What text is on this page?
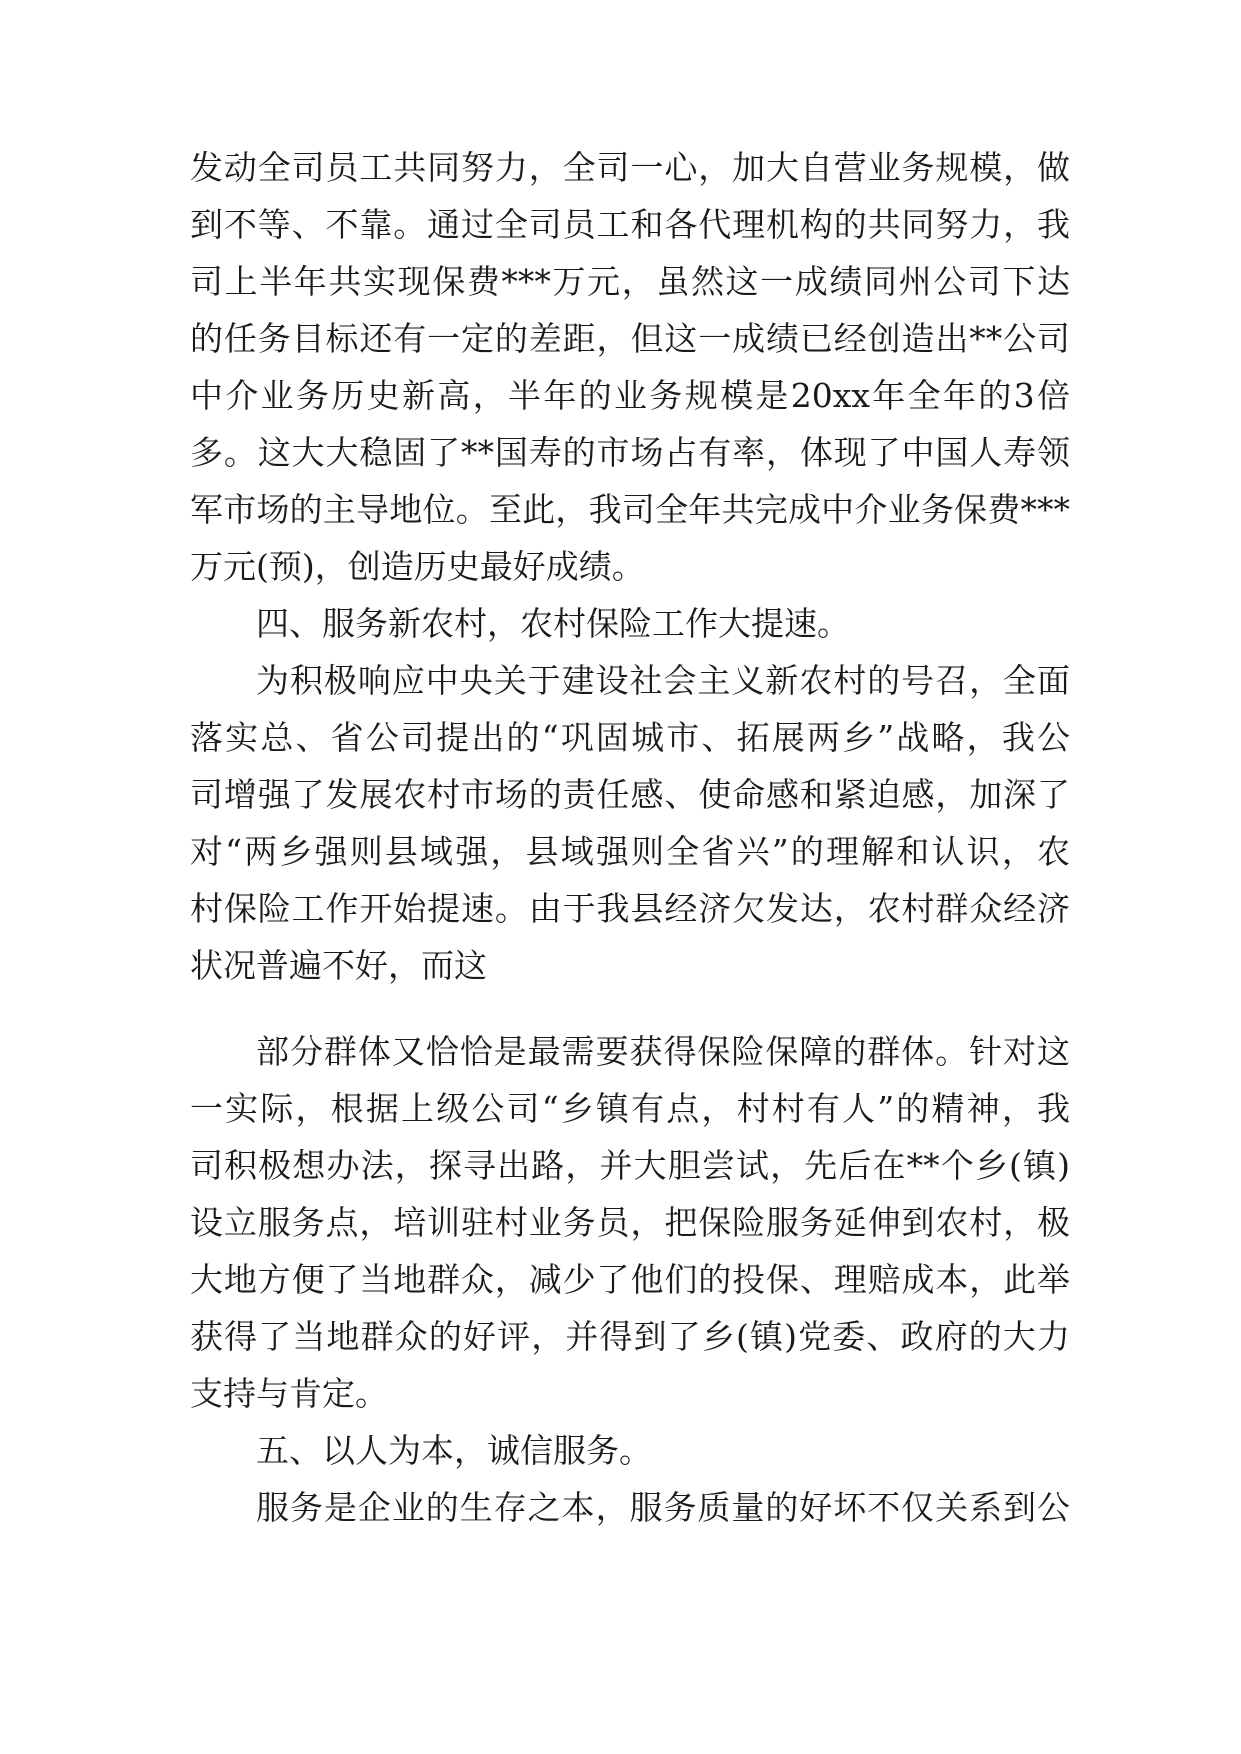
发动全司员工共同努力，全司一心，加大自营业务规模，做
到不等、不靠。通过全司员工和各代理机构的共同努力，我
司上半年共实现保费***万元，虽然这一成绩同州公司下达
的任务目标还有一定的差距，但这一成绩已经创造出**公司
中介业务历史新高，半年的业务规模是20xx年全年的3倍
多。这大大稳固了**国寿的市场占有率，体现了中国人寿领
军市场的主导地位。至此，我司全年共完成中介业务保费***
万元(预)，创造历史最好成绩。
四、服务新农村，农村保险工作大提速。
为积极响应中央关于建设社会主义新农村的号召，全面
落实总、省公司提出的“巩固城市、拓展两乡”战略，我公
司增强了发展农村市场的责任感、使命感和紧迫感，加深了
对“两乡强则县域强，县域强则全省兴”的理解和认识，农
村保险工作开始提速。由于我县经济欠发达，农村群众经济
状况普遍不好，而这
部分群体又恰恰是最需要获得保险保障的群体。针对这
一实际，根据上级公司“乡镇有点，村村有人”的精神，我
司积极想办法，探寻出路，并大胆尝试，先后在**个乡(镇)
设立服务点，培训驻村业务员，把保险服务延伸到农村，极
大地方便了当地群众，减少了他们的投保、理赔成本，此举
获得了当地群众的好评，并得到了乡(镇)党委、政府的大力
支持与肯定。
五、以人为本，诚信服务。
服务是企业的生存之本，服务质量的好坏不仅关系到公
